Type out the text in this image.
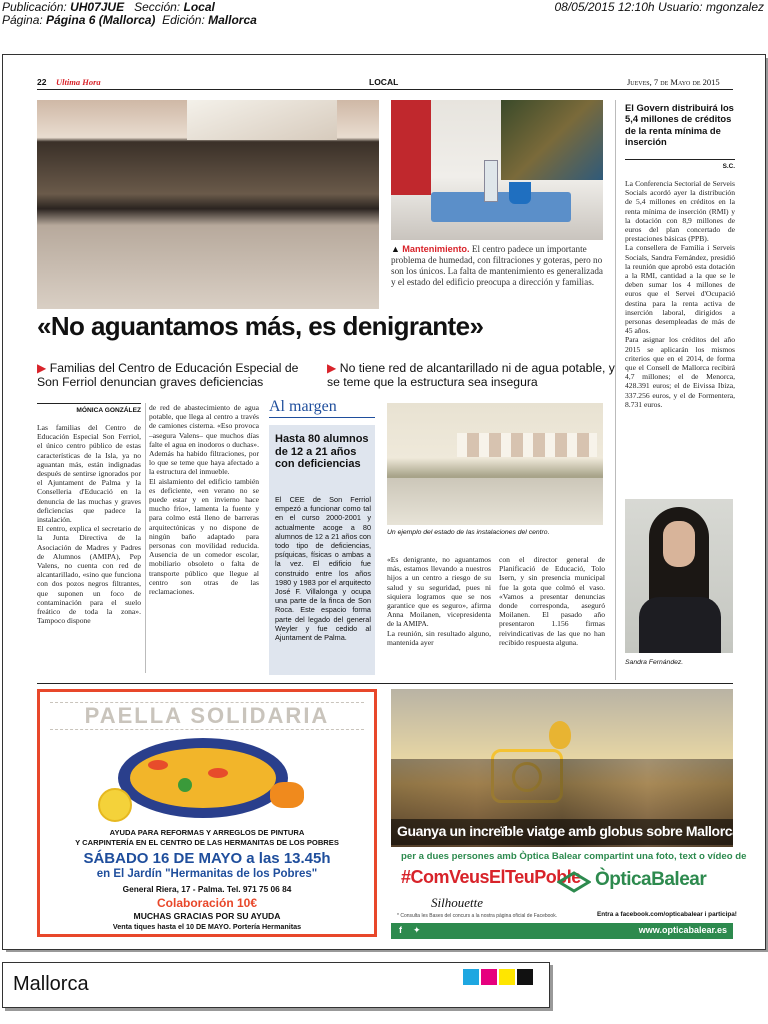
Publicación: UH07JUE Sección: Local	08/05/2015 12:10h Usuario: mgonzalez
Página: Página 6 (Mallorca) Edición: Mallorca
22 Ultima Hora	LOCAL	Jueves, 7 de Mayo de 2015
▲ Mantenimiento. El centro padece un importante problema de humedad, con filtraciones y goteras, pero no son los únicos. La falta de mantenimiento es generalizada y el estado del edificio preocupa a dirección y familias.
«No aguantamos más, es denigrante»
▶ Familias del Centro de Educación Especial de Son Ferriol denuncian graves deficiencias
▶ No tiene red de alcantarillado ni de agua potable, y se teme que la estructura sea insegura
MÓNICA GONZÁLEZ
Las familias del Centro de Educación Especial Son Ferriol, el único centro público de estas características de la Isla, ya no aguantan más, están indignadas después de sentirse ignorados por el Ajuntament de Palma y la Conselleria d'Educació en la denuncia de las muchas y graves deficiencias que padece la instalación.
El centro, explica el secretario de la Junta Directiva de la Asociación de Madres y Padres de Alumnos (AMIPA), Pep Valens, no cuenta con red de alcantarillado, «sino que funciona con dos pozos negros filtrantes, que suponen un foco de contaminación para el suelo freático de toda la zona». Tampoco dispone
de red de abastecimiento de agua potable, que llega al centro a través de camiones cisterna. «Eso provoca –asegura Valens– que muchos días falte el agua en inodoros o duchas». Además ha habido filtraciones, por lo que se teme que haya afectado a la estructura del inmueble.
El aislamiento del edificio también es deficiente, «en verano no se puede estar y en invierno hace mucho frío», lamenta la fuente y para colmo está lleno de barreras arquitectónicas y no dispone de ningún baño adaptado para personas con movilidad reducida. Ausencia de un comedor escolar, mobiliario obsoleto o falta de transporte público que llegue al centro son otras de las reclamaciones.
Al margen
Hasta 80 alumnos de 12 a 21 años con deficiencias
El CEE de Son Ferriol empezó a funcionar como tal en el curso 2000-2001 y actualmente acoge a 80 alumnos de 12 a 21 años con todo tipo de deficiencias, psíquicas, físicas o ambas a la vez. El edificio fue construido entre los años 1980 y 1983 por el arquitecto José F. Villalonga y ocupa una parte de la finca de Son Roca. Este espacio forma parte del legado del general Weyler y fue cedido al Ajuntament de Palma.
Un ejemplo del estado de las instalaciones del centro.
«Es denigrante, no aguantamos más, estamos llevando a nuestros hijos a un centro a riesgo de su salud y su seguridad, pues ni siquiera logramos que se nos garantice que es seguro», afirma Anna Moilanen, vicepresidenta de la AMIPA.
La reunión, sin resultado alguno, mantenida ayer
con el director general de Planificació de Educació, Tolo Isern, y sin presencia municipal fue la gota que colmó el vaso. «Vamos a presentar denuncias donde corresponda, aseguró Moilanen. El pasado año presentaron 1.156 firmas reivindicativas de las que no han recibido respuesta alguna.
El Govern distribuirá los 5,4 millones de créditos de la renta mínima de inserción
S.C.
La Conferencia Sectorial de Serveis Socials acordó ayer la distribución de 5,4 millones en créditos en la renta mínima de inserción (RMI) y la dotación con 8,9 millones de euros del plan concertado de prestaciones básicas (PPB).
La consellera de Família i Serveis Socials, Sandra Fernández, presidió la reunión que aprobó esta dotación a la RMI, cantidad a la que se le deben sumar los 4 millones de euros que el Servei d'Ocupació destina para la renta activa de inserción laboral, dirigidos a personas desempleadas de más de 45 años.
Para asignar los créditos del año 2015 se aplicarán los mismos criterios que en el 2014, de forma que el Consell de Mallorca recibirá 4,7 millones; el de Menorca, 428.391 euros; el de Eivissa Ibiza, 337.256 euros, y el de Formentera, 8.731 euros.
Sandra Fernández.
PAELLA SOLIDARIA
AYUDA PARA REFORMAS Y ARREGLOS DE PINTURA
Y CARPINTERÍA EN EL CENTRO DE LAS HERMANITAS DE LOS POBRES
SÁBADO 16 DE MAYO a las 13.45h
en El Jardín "Hermanitas de los Pobres"
General Riera, 17 - Palma. Tel. 971 75 06 84
Colaboración 10€
MUCHAS GRACIAS POR SU AYUDA
Venta tiques hasta el 10 DE MAYO. Portería Hermanitas
Guanya un increïble viatge amb globus sobre Mallorca
per a dues persones amb Òptica Balear compartint una foto, text o vídeo de
#ComVeusElTeuPoble ÒpticaBalear
Silhouette
* Consulta les Bases del concurs a la nostra pàgina oficial de Facebook.	Entra a facebook.com/opticabalear i participa!
f ✦	www.opticabalear.es
Mallorca
